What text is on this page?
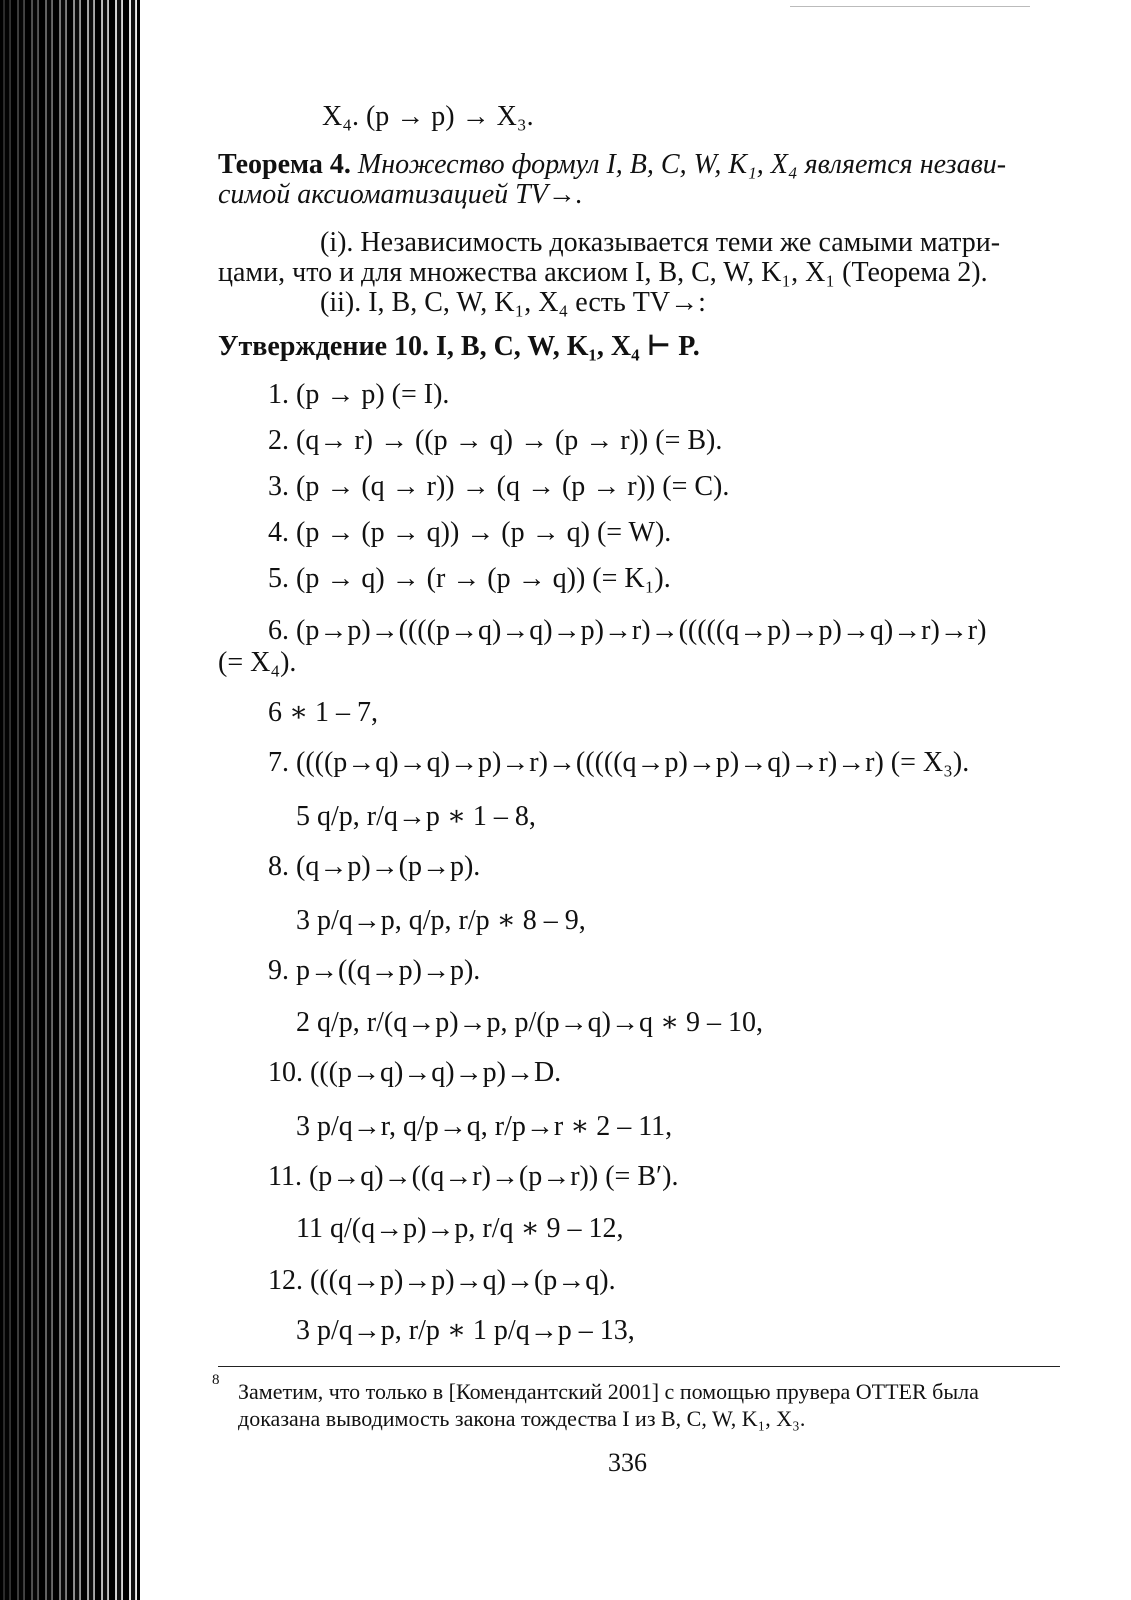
X₄. (p → p) → X₃.
Теорема 4. Множество формул I, B, C, W, K₁, X₄ является незави-
симой аксиоматизацией TV→.
(i). Независимость доказывается теми же самыми матри-
цами, что и для множества аксиом I, B, C, W, K₁, X₁ (Теорема 2).
(ii). I, B, C, W, K₁, X₄ есть TV→:
Утверждение 10. I, B, C, W, K₁, X₄ ⊢ P.
1. (p → p) (= I).
2. (q→ r) → ((p → q) → (p → r)) (= B).
3. (p → (q → r)) → (q → (p → r)) (= C).
4. (p → (p → q)) → (p → q) (= W).
5. (p → q) → (r → (p → q)) (= K₁).
6. (p→p)→((((p→q)→q)→p)→r)→(((((q→p)→p)→q)→r)→r)
(= X₄).
6 ∗ 1 – 7,
7. ((((p→q)→q)→p)→r)→(((((q→p)→p)→q)→r)→r) (= X₃).
5 q/p, r/q→p ∗ 1 – 8,
8. (q→p)→(p→p).
3 p/q→p, q/p, r/p ∗ 8 – 9,
9. p→((q→p)→p).
2 q/p, r/(q→p)→p, p/(p→q)→q ∗ 9 – 10,
10. (((p→q)→q)→p)→D.
3 p/q→r, q/p→q, r/p→r ∗ 2 – 11,
11. (p→q)→((q→r)→(p→r)) (= B′).
11 q/(q→p)→p, r/q ∗ 9 – 12,
12. (((q→p)→p)→q)→(p→q).
3 p/q→p, r/p ∗ 1 p/q→p – 13,
8 Заметим, что только в [Комендантский 2001] с помощью прувера OTTER была
доказана выводимость закона тождества I из B, C, W, K₁, X₃.
336
